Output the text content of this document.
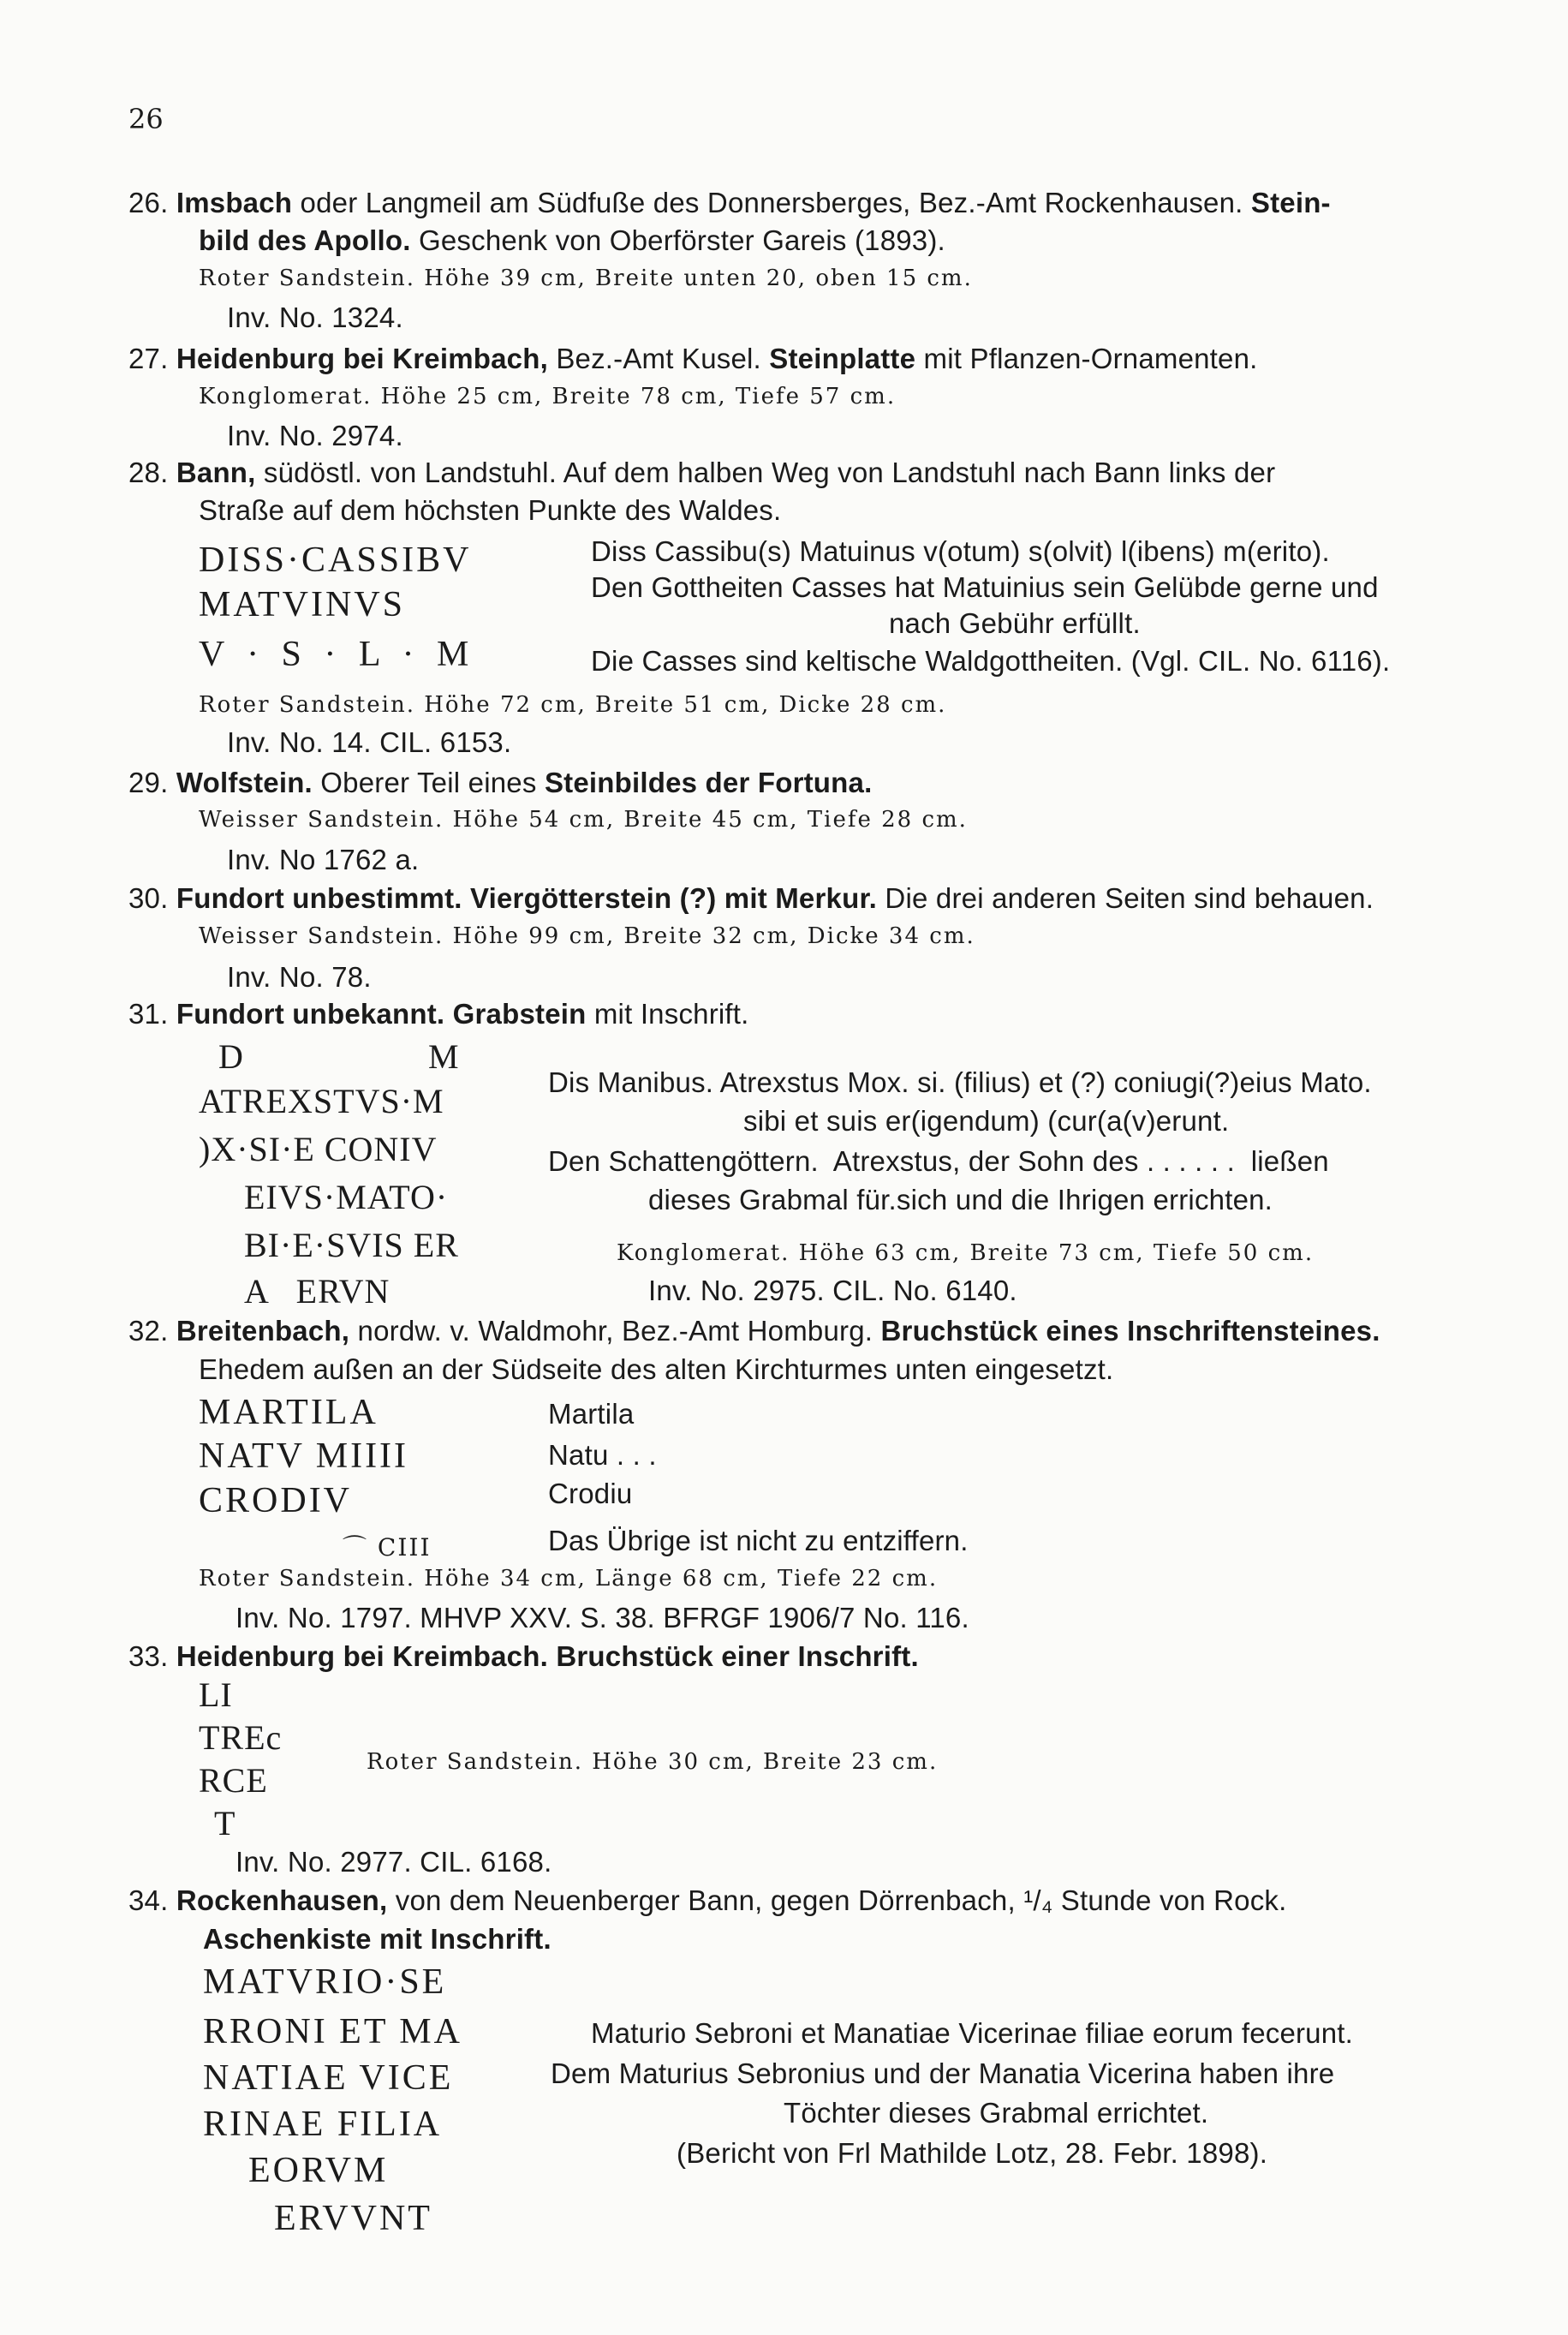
26
26. Imsbach oder Langmeil am Südfuße des Donnersberges, Bez.-Amt Rockenhausen. Stein-
bild des Apollo. Geschenk von Oberförster Gareis (1893).
Roter Sandstein. Höhe 39 cm, Breite unten 20, oben 15 cm.
Inv. No. 1324.
27. Heidenburg bei Kreimbach, Bez.-Amt Kusel. Steinplatte mit Pflanzen-Ornamenten.
Konglomerat. Höhe 25 cm, Breite 78 cm, Tiefe 57 cm.
Inv. No. 2974.
28. Bann, südöstl. von Landstuhl. Auf dem halben Weg von Landstuhl nach Bann links der
Straße auf dem höchsten Punkte des Waldes.
DISS·CASSIBV
MATVINVS
V · S · L · M
Diss Cassibu(s) Matuinus v(otum) s(olvit) l(ibens) m(erito).
Den Gottheiten Casses hat Matuinius sein Gelübde gerne und
nach Gebühr erfüllt.
Die Casses sind keltische Waldgottheiten. (Vgl. CIL. No. 6116).
Roter Sandstein. Höhe 72 cm, Breite 51 cm, Dicke 28 cm.
Inv. No. 14. CIL. 6153.
29. Wolfstein. Oberer Teil eines Steinbildes der Fortuna.
Weisser Sandstein. Höhe 54 cm, Breite 45 cm, Tiefe 28 cm.
Inv. No 1762 a.
30. Fundort unbestimmt. Viergötterstein (?) mit Merkur. Die drei anderen Seiten sind behauen.
Weisser Sandstein. Höhe 99 cm, Breite 32 cm, Dicke 34 cm.
Inv. No. 78.
31. Fundort unbekannt. Grabstein mit Inschrift.
D	M
ATREXSTVS·M
)X·SI·E CONIV
EIVS·MATO·
BI·E·SVIS ER
A   ERVN
Dis Manibus. Atrexstus Mox. si. (filius) et (?) coniugi(?)eius Mato.
sibi et suis er(igendum) (cur(a(v)erunt.
Den Schattengöttern.  Atrexstus, der Sohn des . . . . . .  ließen
dieses Grabmal für.sich und die Ihrigen errichten.
Konglomerat. Höhe 63 cm, Breite 73 cm, Tiefe 50 cm.
Inv. No. 2975. CIL. No. 6140.
32. Breitenbach, nordw. v. Waldmohr, Bez.-Amt Homburg. Bruchstück eines Inschriftensteines.
Ehedem außen an der Südseite des alten Kirchturmes unten eingesetzt.
MARTILA
NATV⁠ MIIII
CRODIV
⌒ CIII
Martila
Natu . . .
Crodiu
Das Übrige ist nicht zu entziffern.
Roter Sandstein. Höhe 34 cm, Länge 68 cm, Tiefe 22 cm.
Inv. No. 1797. MHVP XXV. S. 38. BFRGF 1906/7 No. 116.
33. Heidenburg bei Kreimbach. Bruchstück einer Inschrift.
LI
TREc
RCE
T
Roter Sandstein. Höhe 30 cm, Breite 23 cm.
Inv. No. 2977. CIL. 6168.
34. Rockenhausen, von dem Neuenberger Bann, gegen Dörrenbach, ¹/₄ Stunde von Rock.
Aschenkiste mit Inschrift.
MATVRIO·SE
RRONI ET MA
NATIAE VICE
RINAE FILIA
EORVM
ERVVNT
Maturio Sebroni et Manatiae Vicerinae filiae eorum fecerunt.
Dem Maturius Sebronius und der Manatia Vicerina haben ihre
Töchter dieses Grabmal errichtet.
(Bericht von Frl Mathilde Lotz, 28. Febr. 1898).
